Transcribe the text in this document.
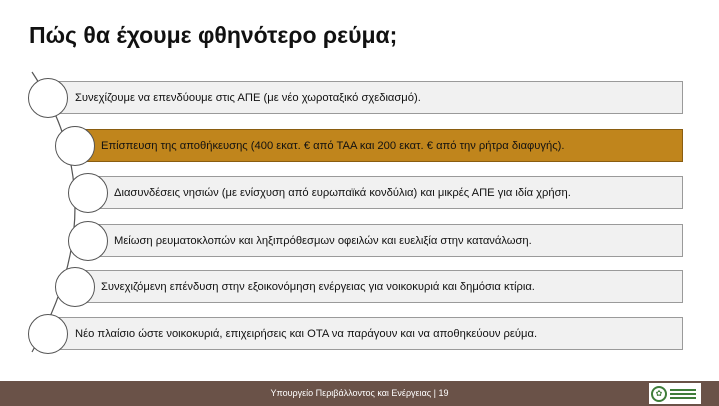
Πώς θα έχουμε φθηνότερο ρεύμα;
Συνεχίζουμε να επενδύουμε στις ΑΠΕ (με νέο χωροταξικό σχεδιασμό).
Επίσπευση της αποθήκευσης (400 εκατ. € από ΤΑΑ και 200 εκατ. € από την ρήτρα διαφυγής).
Διασυνδέσεις νησιών (με ενίσχυση από ευρωπαϊκά κονδύλια) και μικρές ΑΠΕ για ιδία χρήση.
Μείωση ρευματοκλοπών και ληξιπρόθεσμων οφειλών και ευελιξία στην κατανάλωση.
Συνεχιζόμενη επένδυση στην εξοικονόμηση ενέργειας για νοικοκυριά και δημόσια κτίρια.
Νέο πλαίσιο ώστε νοικοκυριά, επιχειρήσεις και ΟΤΑ να παράγουν και να αποθηκεύουν ρεύμα.
Υπουργείο Περιβάλλοντος και Ενέργειας | 19	✿
